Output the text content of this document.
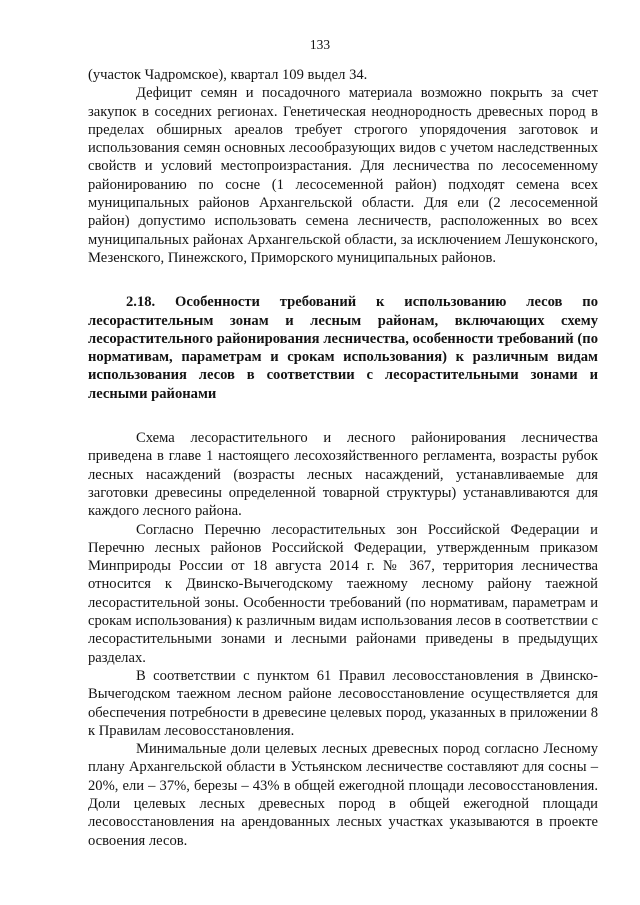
133

(участок Чадромское), квартал 109 выдел 34.

Дефицит семян и посадочного материала возможно покрыть за счет закупок в соседних регионах. Генетическая неоднородность древесных пород в пределах обширных ареалов требует строгого упорядочения заготовок и использования семян основных лесообразующих видов с учетом наследственных свойств и условий местопроизрастания. Для лесничества по лесосеменному районированию по сосне (1 лесосеменной район) подходят семена всех муниципальных районов Архангельской области. Для ели (2 лесосеменной район) допустимо использовать семена лесничеств, расположенных во всех муниципальных районах Архангельской области, за исключением Лешуконского, Мезенского, Пинежского, Приморского муниципальных районов.

2.18. Особенности требований к использованию лесов по лесорастительным зонам и лесным районам, включающих схему лесорастительного районирования лесничества, особенности требований (по нормативам, параметрам и срокам использования) к различным видам использования лесов в соответствии с лесорастительными зонами и лесными районами

Схема лесорастительного и лесного районирования лесничества приведена в главе 1 настоящего лесохозяйственного регламента, возрасты рубок лесных насаждений (возрасты лесных насаждений, устанавливаемые для заготовки древесины определенной товарной структуры) устанавливаются для каждого лесного района.

Согласно Перечню лесорастительных зон Российской Федерации и Перечню лесных районов Российской Федерации, утвержденным приказом Минприроды России от 18 августа 2014 г. № 367, территория лесничества относится к Двинско-Вычегодскому таежному лесному району таежной лесорастительной зоны. Особенности требований (по нормативам, параметрам и срокам использования) к различным видам использования лесов в соответствии с лесорастительными зонами и лесными районами приведены в предыдущих разделах.

В соответствии с пунктом 61 Правил лесовосстановления в Двинско-Вычегодском таежном лесном районе лесовосстановление осуществляется для обеспечения потребности в древесине целевых пород, указанных в приложении 8 к Правилам лесовосстановления.

Минимальные доли целевых лесных древесных пород согласно Лесному плану Архангельской области в Устьянском лесничестве составляют для сосны – 20%, ели – 37%, березы – 43% в общей ежегодной площади лесовосстановления. Доли целевых лесных древесных пород в общей ежегодной площади лесовосстановления на арендованных лесных участках указываются в проекте освоения лесов.
